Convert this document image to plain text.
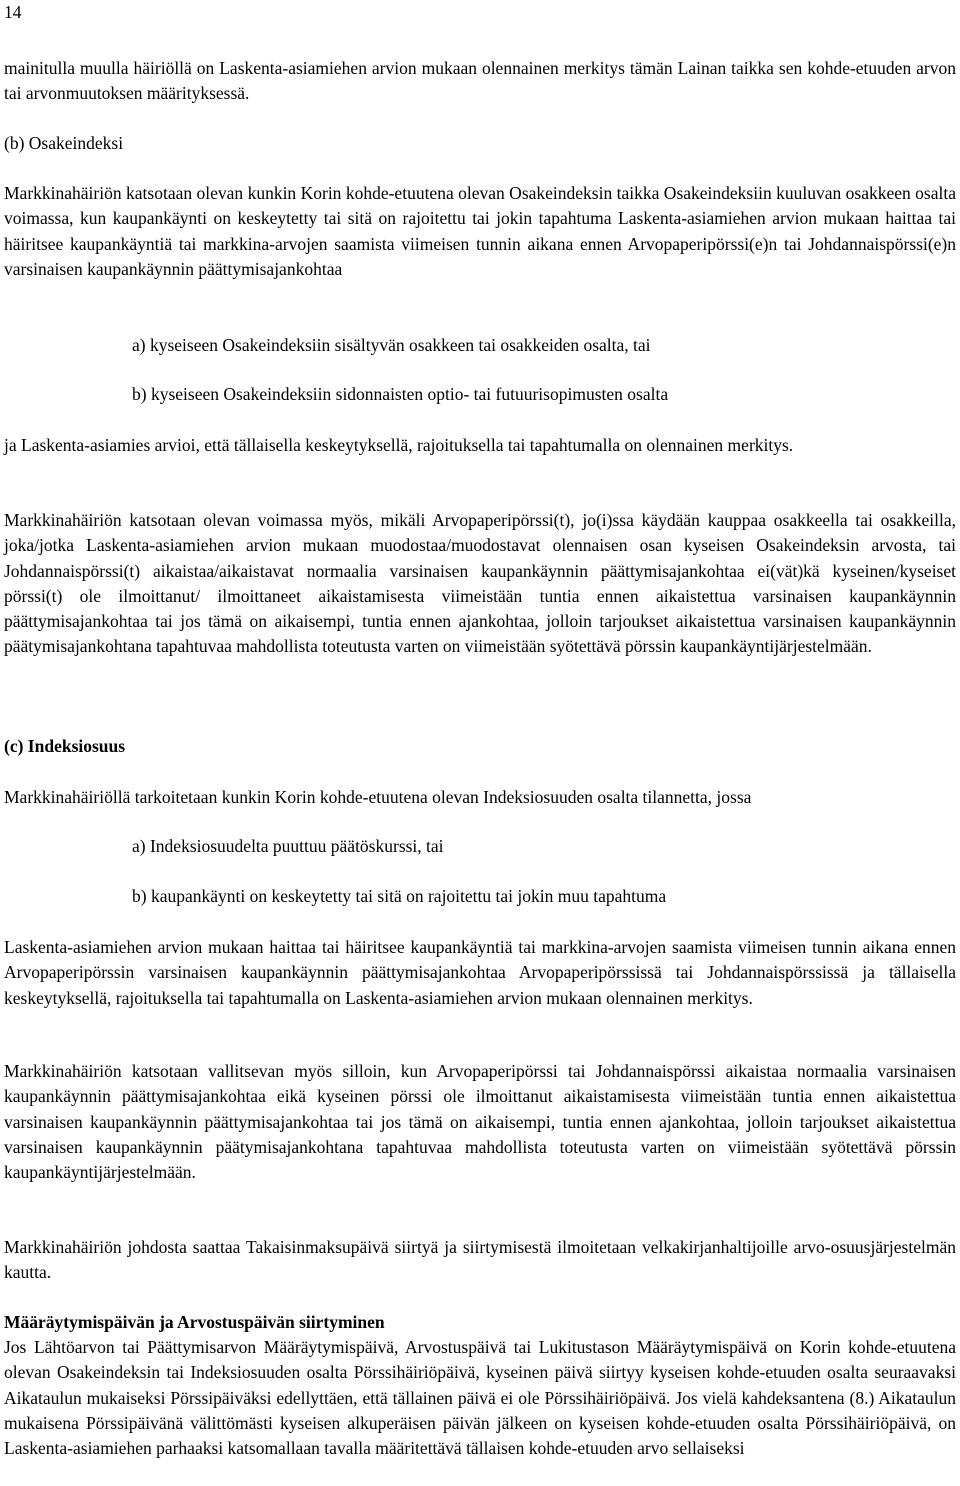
14

mainitulla muulla häiriöllä on Laskenta-asiamiehen arvion mukaan olennainen merkitys tämän Lainan taikka sen kohde-etuuden arvon tai arvonmuutoksen määrityksessä.

(b) Osakeindeksi

Markkinahäiriön katsotaan olevan kunkin Korin kohde-etuutena olevan Osakeindeksin taikka Osakeindeksiin kuuluvan osakkeen osalta voimassa, kun kaupankäynti on keskeytetty tai sitä on rajoitettu tai jokin tapahtuma Laskenta-asiamiehen arvion mukaan haittaa tai häiritsee kaupankäyntiä tai markkina-arvojen saamista viimeisen tunnin aikana ennen Arvopaperipörssi(e)n tai Johdannaispörssi(e)n varsinaisen kaupankäynnin päättymisajankohtaa

a) kyseiseen Osakeindeksiin sisältyvän osakkeen tai osakkeiden osalta, tai
b) kyseiseen Osakeindeksiin sidonnaisten optio- tai futuurisopimusten osalta

ja Laskenta-asiamies arvioi, että tällaisella keskeytyksellä, rajoituksella tai tapahtumalla on olennainen merkitys.

Markkinahäiriön katsotaan olevan voimassa myös, mikäli Arvopaperipörssi(t), jo(i)ssa käydään kauppaa osakkeella tai osakkeilla, joka/jotka Laskenta-asiamiehen arvion mukaan muodostaa/muodostavat olennaisen osan kyseisen Osakeindeksin arvosta, tai Johdannaispörssi(t) aikaistaa/aikaistavat normaalia varsinaisen kaupankäynnin päättymisajankohtaa ei(vät)kä kyseinen/kyseiset pörssi(t) ole ilmoittanut/ ilmoittaneet aikaistamisesta viimeistään tuntia ennen aikaistettua varsinaisen kaupankäynnin päättymisajankohtaa tai jos tämä on aikaisempi, tuntia ennen ajankohtaa, jolloin tarjoukset aikaistettua varsinaisen kaupankäynnin päätymisajankohtana tapahtuvaa mahdollista toteutusta varten on viimeistään syötettävä pörssin kaupankäyntijärjestelmään.

(c) Indeksiosuus

Markkinahäiriöllä tarkoitetaan kunkin Korin kohde-etuutena olevan Indeksiosuuden osalta tilannetta, jossa

a) Indeksiosuudelta puuttuu päätöskurssi, tai
b) kaupankäynti on keskeytetty tai sitä on rajoitettu tai jokin muu tapahtuma

Laskenta-asiamiehen arvion mukaan haittaa tai häiritsee kaupankäyntiä tai markkina-arvojen saamista viimeisen tunnin aikana ennen Arvopaperipörssin varsinaisen kaupankäynnin päättymisajankohtaa Arvopaperipörssissä tai Johdannaispörssissä ja tällaisella keskeytyksellä, rajoituksella tai tapahtumalla on Laskenta-asiamiehen arvion mukaan olennainen merkitys.

Markkinahäiriön katsotaan vallitsevan myös silloin, kun Arvopaperipörssi tai Johdannaispörssi aikaistaa normaalia varsinaisen kaupankäynnin päättymisajankohtaa eikä kyseinen pörssi ole ilmoittanut aikaistamisesta viimeistään tuntia ennen aikaistettua varsinaisen kaupankäynnin päättymisajankohtaa tai jos tämä on aikaisempi, tuntia ennen ajankohtaa, jolloin tarjoukset aikaistettua varsinaisen kaupankäynnin päätymisajankohtana tapahtuvaa mahdollista toteutusta varten on viimeistään syötettävä pörssin kaupankäyntijärjestelmään.

Markkinahäiriön johdosta saattaa Takaisinmaksupäivä siirtyä ja siirtymisestä ilmoitetaan velkakirjanhaltijoille arvo-osuusjärjestelmän kautta.

Määräytymispäivän ja Arvostuspäivän siirtyminen

Jos Lähtöarvon tai Päättymisarvon Määräytymispäivä, Arvostuspäivä tai Lukitustason Määräytymispäivä on Korin kohde-etuutena olevan Osakeindeksin tai Indeksiosuuden osalta Pörssihäiriöpäivä, kyseinen päivä siirtyy kyseisen kohde-etuuden osalta seuraavaksi Aikataulun mukaiseksi Pörssipäiväksi edellyttäen, että tällainen päivä ei ole Pörssihäiriöpäivä. Jos vielä kahdeksantena (8.) Aikataulun mukaisena Pörssipäivänä välittömästi kyseisen alkuperäisen päivän jälkeen on kyseisen kohde-etuuden osalta Pörssihäiriöpäivä, on Laskenta-asiamiehen parhaaksi katsomallaan tavalla määritettävä tällaisen kohde-etuuden arvo sellaiseksi
